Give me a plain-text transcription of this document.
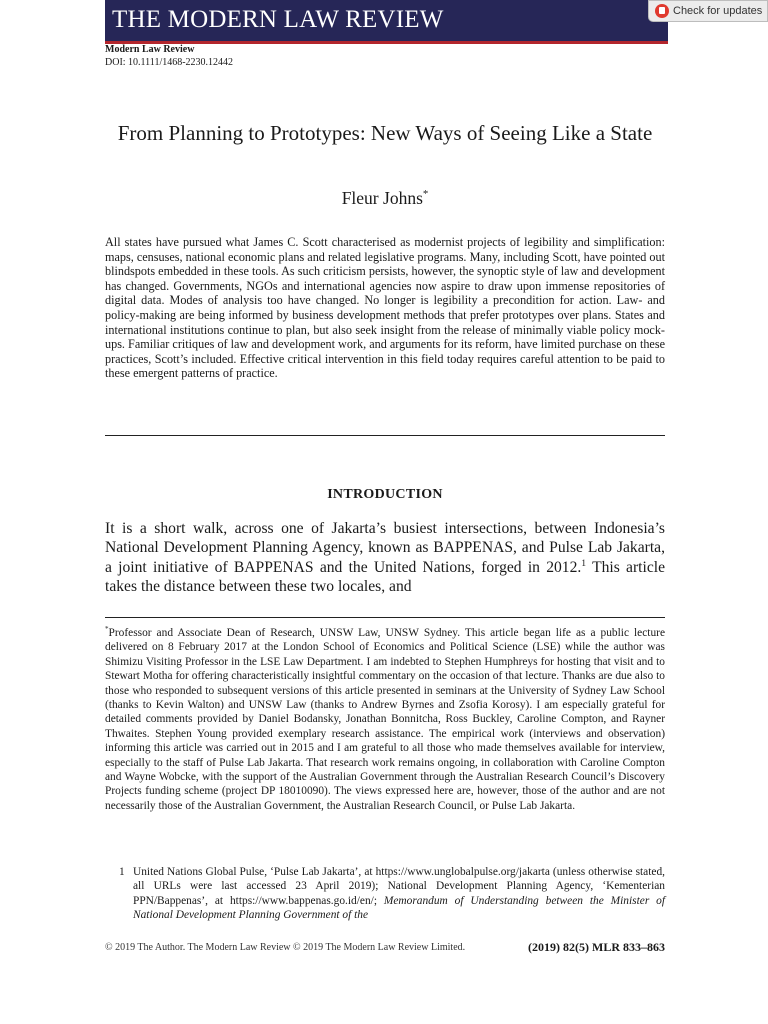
THE MODERN LAW REVIEW	Check for updates
Modern Law Review
DOI: 10.1111/1468-2230.12442
From Planning to Prototypes: New Ways of Seeing Like a State
Fleur Johns*

All states have pursued what James C. Scott characterised as modernist projects of legibility and simplification: maps, censuses, national economic plans and related legislative programs. Many, including Scott, have pointed out blindspots embedded in these tools. As such criticism persists, however, the synoptic style of law and development has changed. Governments, NGOs and international agencies now aspire to draw upon immense repositories of digital data. Modes of analysis too have changed. No longer is legibility a precondition for action. Law- and policy-making are being informed by business development methods that prefer prototypes over plans. States and international institutions continue to plan, but also seek insight from the release of minimally viable policy mock-ups. Familiar critiques of law and development work, and arguments for its reform, have limited purchase on these practices, Scott’s included. Effective critical intervention in this field today requires careful attention to be paid to these emergent patterns of practice.

INTRODUCTION

It is a short walk, across one of Jakarta’s busiest intersections, between Indonesia’s National Development Planning Agency, known as BAPPENAS, and Pulse Lab Jakarta, a joint initiative of BAPPENAS and the United Nations, forged in 2012.$^1$ This article takes the distance between these two locales, and

*Professor and Associate Dean of Research, UNSW Law, UNSW Sydney. This article began life as a public lecture delivered on 8 February 2017 at the London School of Economics and Political Science (LSE) while the author was Shimizu Visiting Professor in the LSE Law Department. I am indebted to Stephen Humphreys for hosting that visit and to Stewart Motha for offering characteristically insightful commentary on the occasion of that lecture. Thanks are due also to those who responded to subsequent versions of this article presented in seminars at the University of Sydney Law School (thanks to Kevin Walton) and UNSW Law (thanks to Andrew Byrnes and Zsofia Korosy). I am especially grateful for detailed comments provided by Daniel Bodansky, Jonathan Bonnitcha, Ross Buckley, Caroline Compton, and Rayner Thwaites. Stephen Young provided exemplary research assistance. The empirical work (interviews and observation) informing this article was carried out in 2015 and I am grateful to all those who made themselves available for interview, especially to the staff of Pulse Lab Jakarta. That research work remains ongoing, in collaboration with Caroline Compton and Wayne Wobcke, with the support of the Australian Government through the Australian Research Council’s Discovery Projects funding scheme (project DP 18010090). The views expressed here are, however, those of the author and are not necessarily those of the Australian Government, the Australian Research Council, or Pulse Lab Jakarta.

1 United Nations Global Pulse, ‘Pulse Lab Jakarta’, at https://www.unglobalpulse.org/jakarta (unless otherwise stated, all URLs were last accessed 23 April 2019); National Development Planning Agency, ‘Kementerian PPN/Bappenas’, at https://www.bappenas.go.id/en/; Memorandum of Understanding between the Minister of National Development Planning Government of the
© 2019 The Author. The Modern Law Review © 2019 The Modern Law Review Limited.	(2019) 82(5) MLR 833–863
